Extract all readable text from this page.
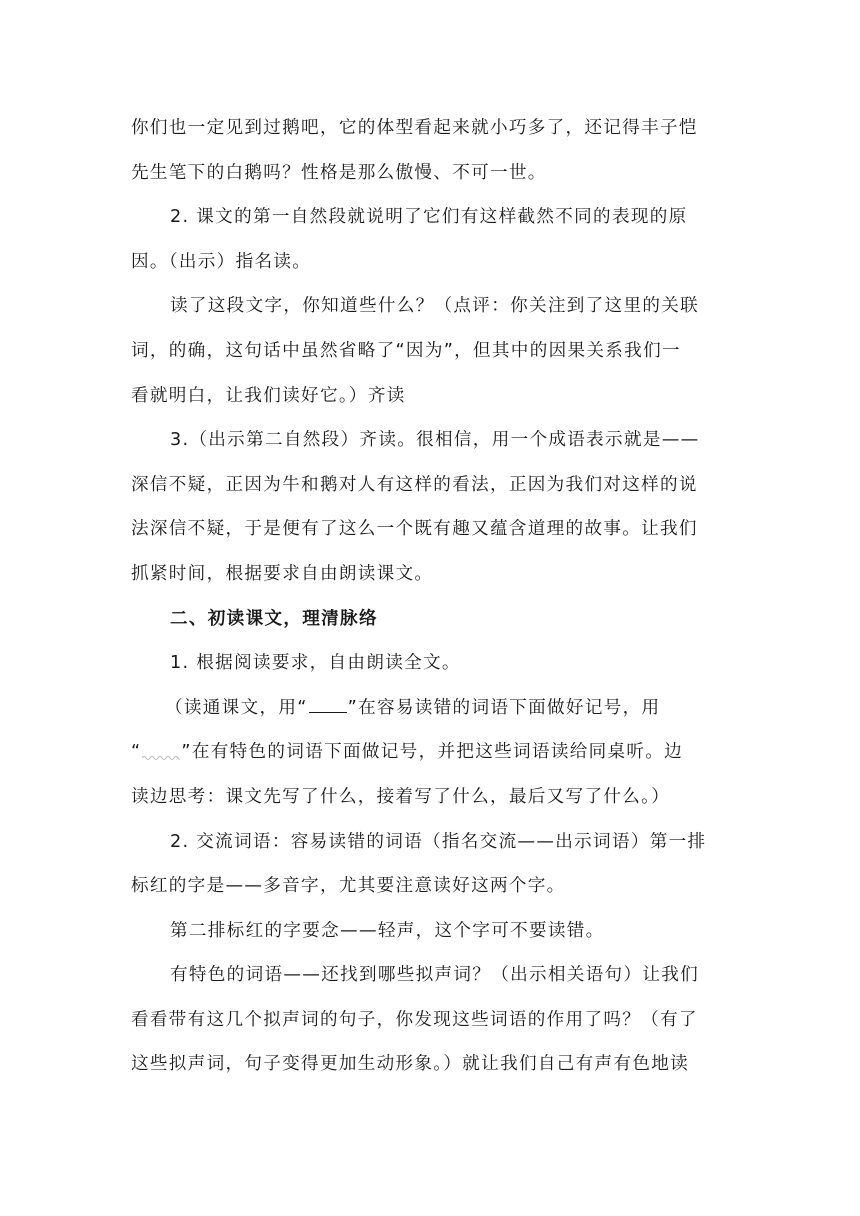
你们也一定见到过鹅吧，它的体型看起来就小巧多了，还记得丰子恺
先生笔下的白鹅吗？性格是那么傲慢、不可一世。

2. 课文的第一自然段就说明了它们有这样截然不同的表现的原
因。（出示）指名读。

读了这段文字，你知道些什么？（点评：你关注到了这里的关联
词，的确，这句话中虽然省略了“因为”，但其中的因果关系我们一
看就明白，让我们读好它。）齐读

3.（出示第二自然段）齐读。很相信，用一个成语表示就是——
深信不疑，正因为牛和鹅对人有这样的看法，正因为我们对这样的说
法深信不疑，于是便有了这么一个既有趣又蕴含道理的故事。让我们
抓紧时间，根据要求自由朗读课文。

二、初读课文，理清脉络

1. 根据阅读要求，自由朗读全文。

（读通课文，用“ ”在容易读错的词语下面做好记号，用
“ ”在有特色的词语下面做记号，并把这些词语读给同桌听。边
读边思考：课文先写了什么，接着写了什么，最后又写了什么。）

2. 交流词语：容易读错的词语（指名交流——出示词语）第一排
标红的字是——多音字，尤其要注意读好这两个字。

第二排标红的字要念——轻声，这个字可不要读错。

有特色的词语——还找到哪些拟声词？（出示相关语句）让我们
看看带有这几个拟声词的句子，你发现这些词语的作用了吗？（有了
这些拟声词，句子变得更加生动形象。）就让我们自己有声有色地读
